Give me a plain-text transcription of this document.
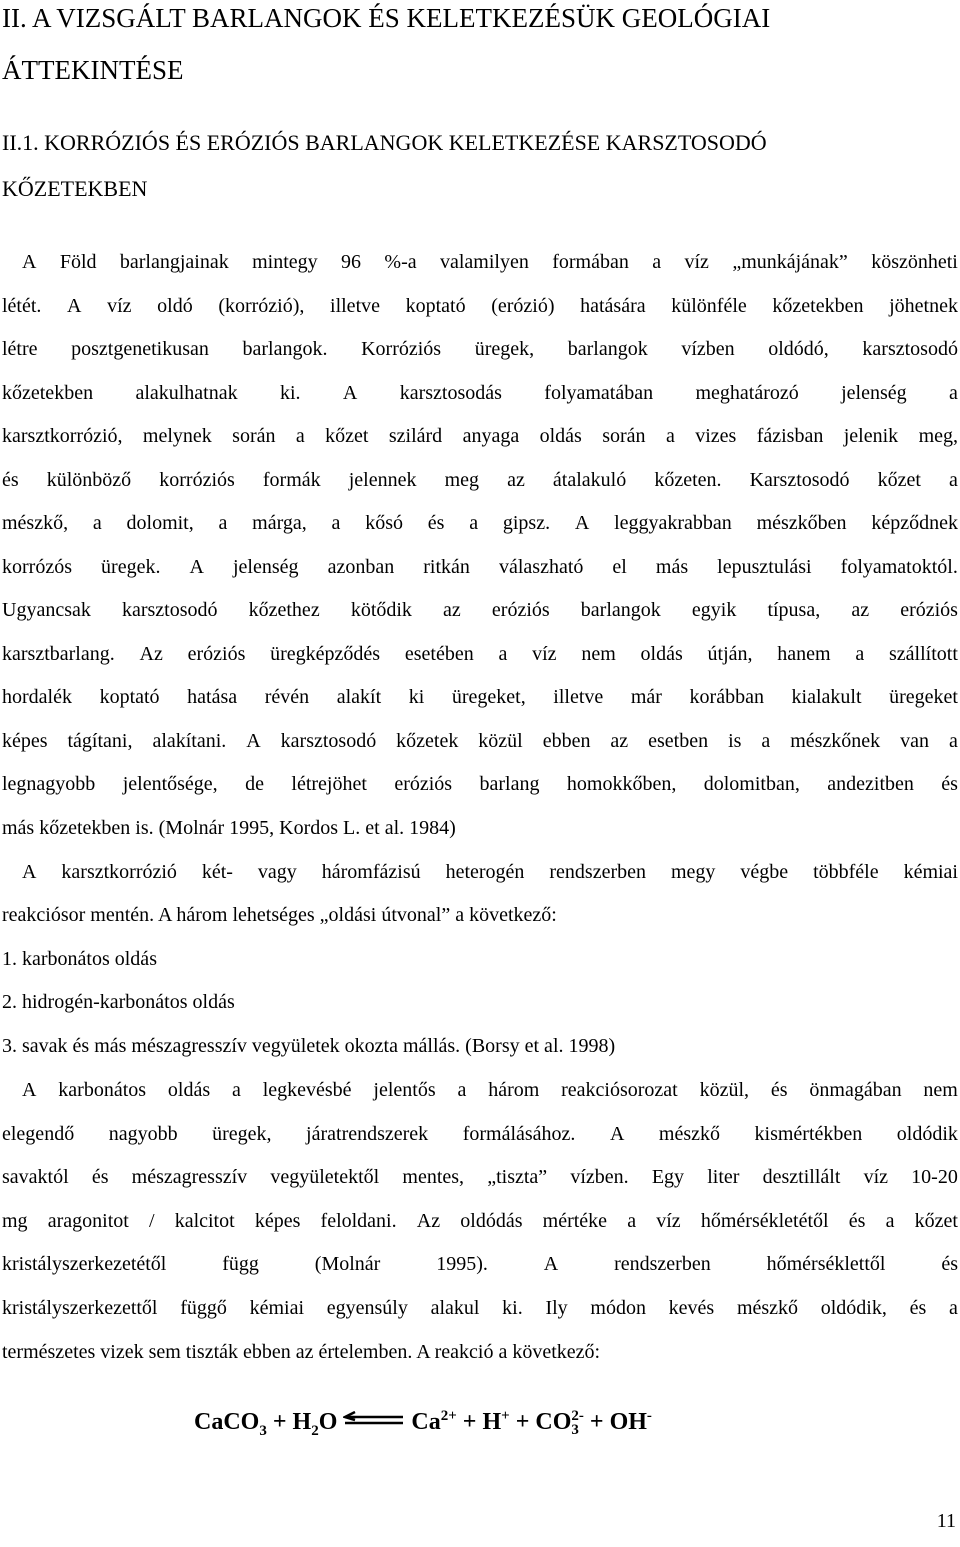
II. A VIZSGÁLT BARLANGOK ÉS KELETKEZÉSÜK GEOLÓGIAI
ÁTTEKINTÉSE
II.1. KORRÓZIÓS ÉS ERÓZIÓS BARLANGOK KELETKEZÉSE KARSZTOSODÓ
KŐZETEKBEN
A Föld barlangjainak mintegy 96 %-a valamilyen formában a víz „munkájának” köszönheti
létét. A víz oldó (korrózió), illetve koptató (erózió) hatására különféle kőzetekben jöhetnek
létre posztgenetikusan barlangok. Korróziós üregek, barlangok vízben oldódó, karsztosodó
kőzetekben alakulhatnak ki. A karsztosodás folyamatában meghatározó jelenség a
karsztkorrózió, melynek során a kőzet szilárd anyaga oldás során a vizes fázisban jelenik meg,
és különböző korróziós formák jelennek meg az átalakuló kőzeten. Karsztosodó kőzet a
mészkő, a dolomit, a márga, a kősó és a gipsz. A leggyakrabban mészkőben képződnek
korrózós üregek. A jelenség azonban ritkán válaszható el más lepusztulási folyamatoktól.
Ugyancsak karsztosodó kőzethez kötődik az eróziós barlangok egyik típusa, az eróziós
karsztbarlang. Az eróziós üregképződés esetében a víz nem oldás útján, hanem a szállított
hordalék koptató hatása révén alakít ki üregeket, illetve már korábban kialakult üregeket
képes tágítani, alakítani. A karsztosodó kőzetek közül ebben az esetben is a mészkőnek van a
legnagyobb jelentősége, de létrejöhet eróziós barlang homokkőben, dolomitban, andezitben és
más kőzetekben is. (Molnár 1995, Kordos L. et al. 1984)
A karsztkorrózió két- vagy háromfázisú heterogén rendszerben megy végbe többféle kémiai
reakciósor mentén. A három lehetséges „oldási útvonal” a következő:
1. karbonátos oldás
2. hidrogén-karbonátos oldás
3. savak és más mészagresszív vegyületek okozta mállás. (Borsy et al. 1998)
A karbonátos oldás a legkevésbé jelentős a három reakciósorozat közül, és önmagában nem
elegendő nagyobb üregek, járatrendszerek formálásához. A mészkő kismértékben oldódik
savaktól és mészagresszív vegyületektől mentes, „tiszta” vízben. Egy liter desztillált víz 10-20
mg aragonitot / kalcitot képes feloldani. Az oldódás mértéke a víz hőmérsékletétől és a kőzet
kristályszerkezetétől	függ	(Molnár	1995).	A	rendszerben	hőmérséklettől	és
kristályszerkezettől függő kémiai egyensúly alakul ki. Ily módon kevés mészkő oldódik, és a
természetes vizek sem tiszták ebben az értelemben. A reakció a következő:
CaCO$_3$ + $H_2O$	$Ca^{2+} + H^+$ + CO 2-
3 + OH-
11
